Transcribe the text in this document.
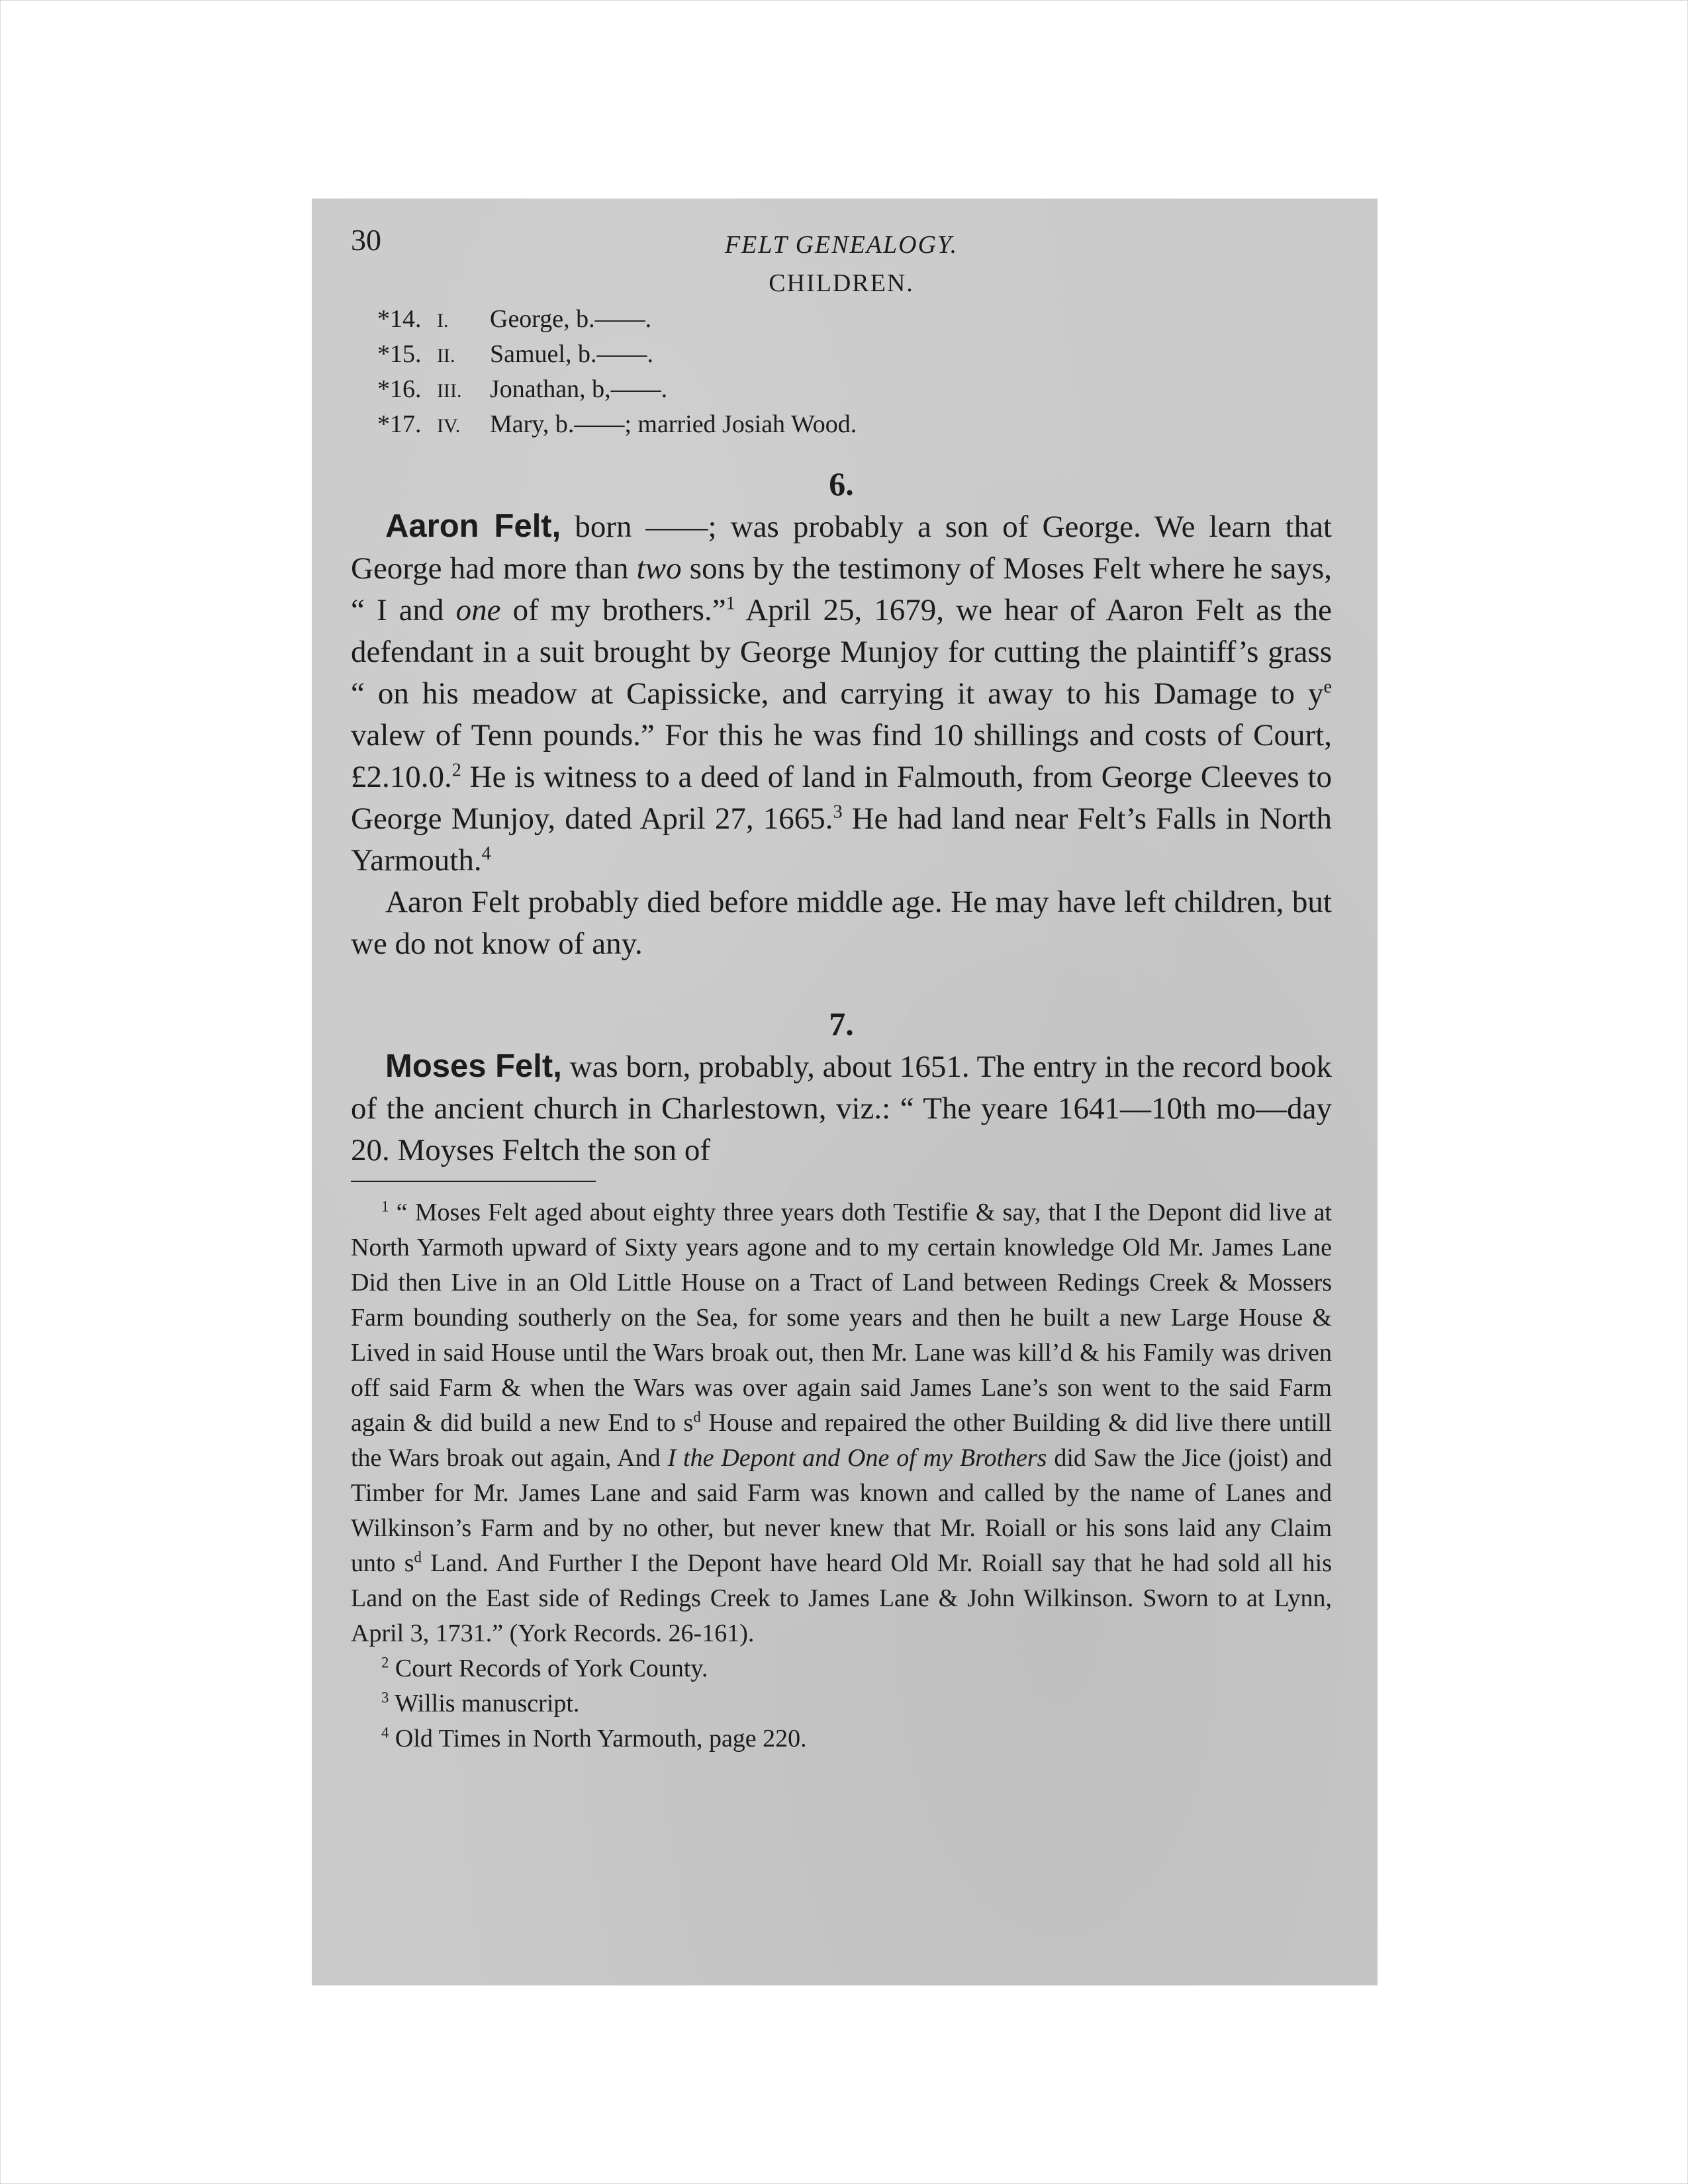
30	FELT GENEALOGY.
CHILDREN.
*14. I.	George, b.——.
*15. II.	Samuel, b.——.
*16. III.	Jonathan, b,——.
*17. IV.	Mary, b.——; married Josiah Wood.
6.

Aaron Felt, born ——; was probably a son of George. We learn that George had more than two sons by the testimony of Moses Felt where he says, “ I and one of my brothers.”$^1$ April 25, 1679, we hear of Aaron Felt as the defendant in a suit brought by George Munjoy for cutting the plaintiff’s grass “ on his meadow at Capissicke, and carrying it away to his Damage to $y^e$ valew of Tenn pounds.” For this he was find 10 shillings and costs of Court, £2.10.0.$^2$ He is witness to a deed of land in Falmouth, from George Cleeves to George Munjoy, dated April 27, 1665.$^3$ He had land near Felt’s Falls in North Yarmouth.$^4$

Aaron Felt probably died before middle age. He may have left children, but we do not know of any.

7.

Moses Felt, was born, probably, about 1651. The entry in the record book of the ancient church in Charlestown, viz.: “ The yeare 1641—10th mo—day 20. Moyses Feltch the son of

$^1$ “ Moses Felt aged about eighty three years doth Testifie & say, that I the Depont did live at North Yarmoth upward of Sixty years agone and to my certain knowledge Old Mr. James Lane Did then Live in an Old Little House on a Tract of Land between Redings Creek & Mossers Farm bounding southerly on the Sea, for some years and then he built a new Large House & Lived in said House until the Wars broak out, then Mr. Lane was kill’d & his Family was driven off said Farm & when the Wars was over again said James Lane’s son went to the said Farm again & did build a new End to $s^d$ House and repaired the other Building & did live there untill the Wars broak out again, And I the Depont and One of my Brothers did Saw the Jice (joist) and Timber for Mr. James Lane and said Farm was known and called by the name of Lanes and Wilkinson’s Farm and by no other, but never knew that Mr. Roiall or his sons laid any Claim unto $s^d$ Land. And Further I the Depont have heard Old Mr. Roiall say that he had sold all his Land on the East side of Redings Creek to James Lane & John Wilkinson. Sworn to at Lynn, April 3, 1731.” (York Records. 26-161).

$^2$ Court Records of York County.

$^3$ Willis manuscript.

$^4$ Old Times in North Yarmouth, page 220.
